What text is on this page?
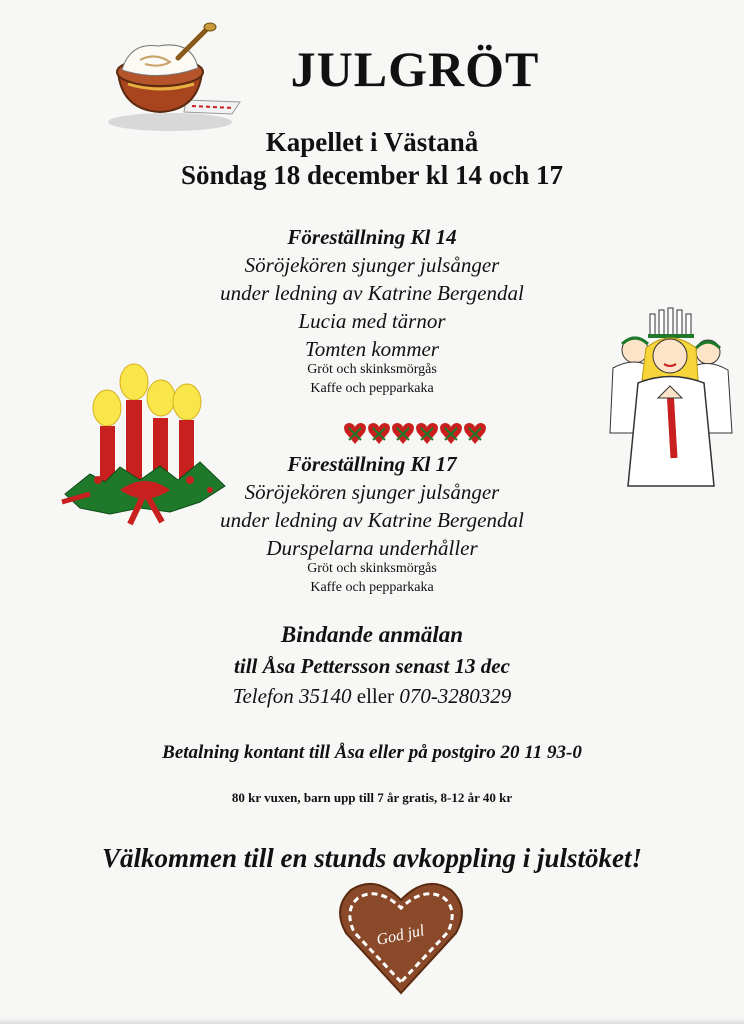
JULGRÖT
Kapellet i Västanå
Söndag 18 december kl 14 och 17
Föreställning Kl 14
Söröjekören sjunger julsånger
under ledning av Katrine Bergendal
Lucia med tärnor
Tomten kommer
Gröt och skinksmörgås
Kaffe och pepparkaka
Föreställning Kl 17
Söröjekören sjunger julsånger
under ledning av Katrine Bergendal
Durspelarna underhåller
Gröt och skinksmörgås
Kaffe och pepparkaka
Bindande anmälan
till Åsa Pettersson senast 13 dec
Telefon 35140 eller 070-3280329
Betalning kontant till Åsa eller på postgiro 20 11 93-0
80 kr vuxen, barn upp till 7 år gratis, 8-12 år 40 kr
Välkommen till en stunds avkoppling i julstöket!
God jul
